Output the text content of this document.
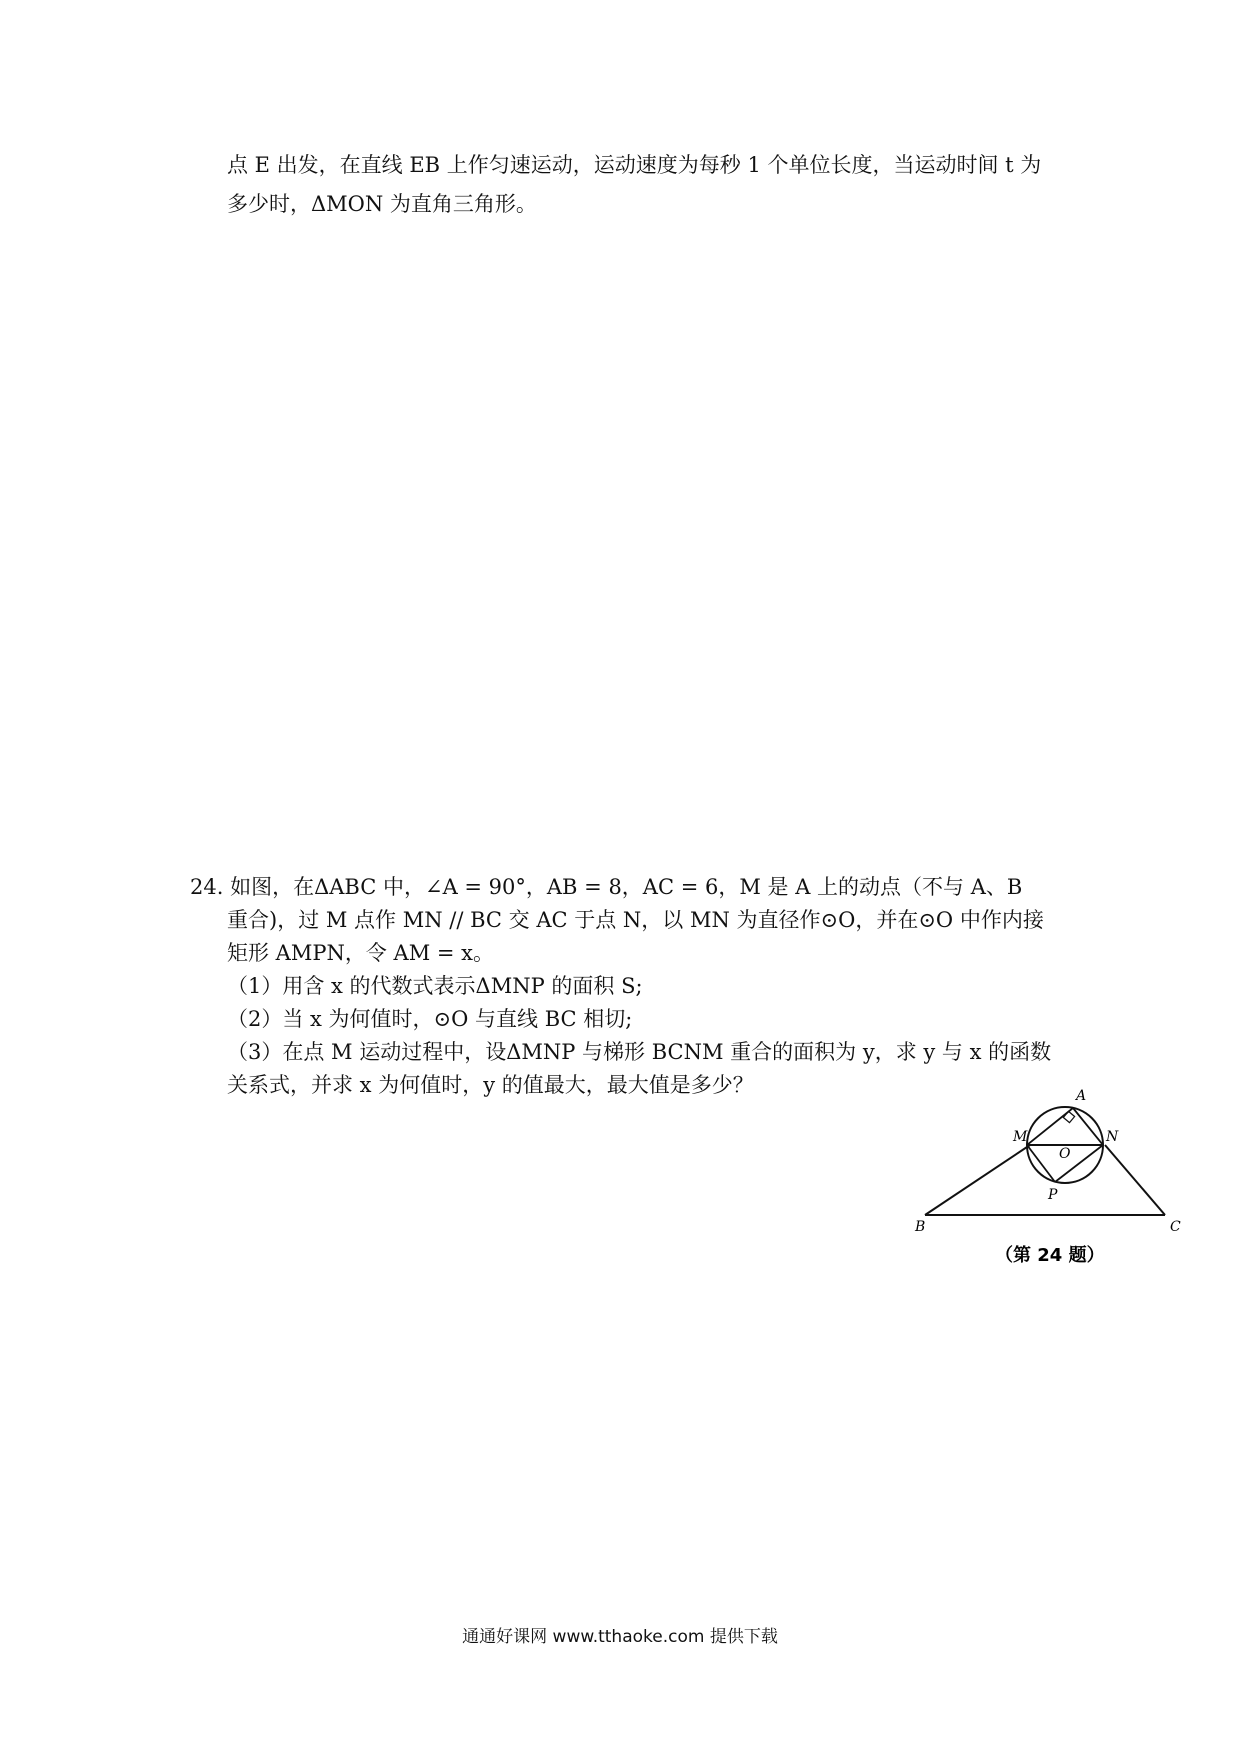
点 E 出发，在直线 EB 上作匀速运动，运动速度为每秒 1 个单位长度，当运动时间 t 为
多少时，ΔMON 为直角三角形。
24. 如图，在ΔABC 中，∠A = 90°，AB = 8，AC = 6，M 是 A 上的动点（不与 A、B
重合)，过 M 点作 MN // BC 交 AC 于点 N，以 MN 为直径作⊙O，并在⊙O 中作内接
矩形 AMPN，令 AM = x。
（1）用含 x 的代数式表示ΔMNP 的面积 S;
（2）当 x 为何值时，⊙O 与直线 BC 相切;
（3）在点 M 运动过程中，设ΔMNP 与梯形 BCNM 重合的面积为 y，求 y 与 x 的函数
关系式，并求 x 为何值时，y 的值最大，最大值是多少？	A
M
O
N
P
B	C
（第 24 题）
通通好课网 www.tthaoke.com 提供下载
